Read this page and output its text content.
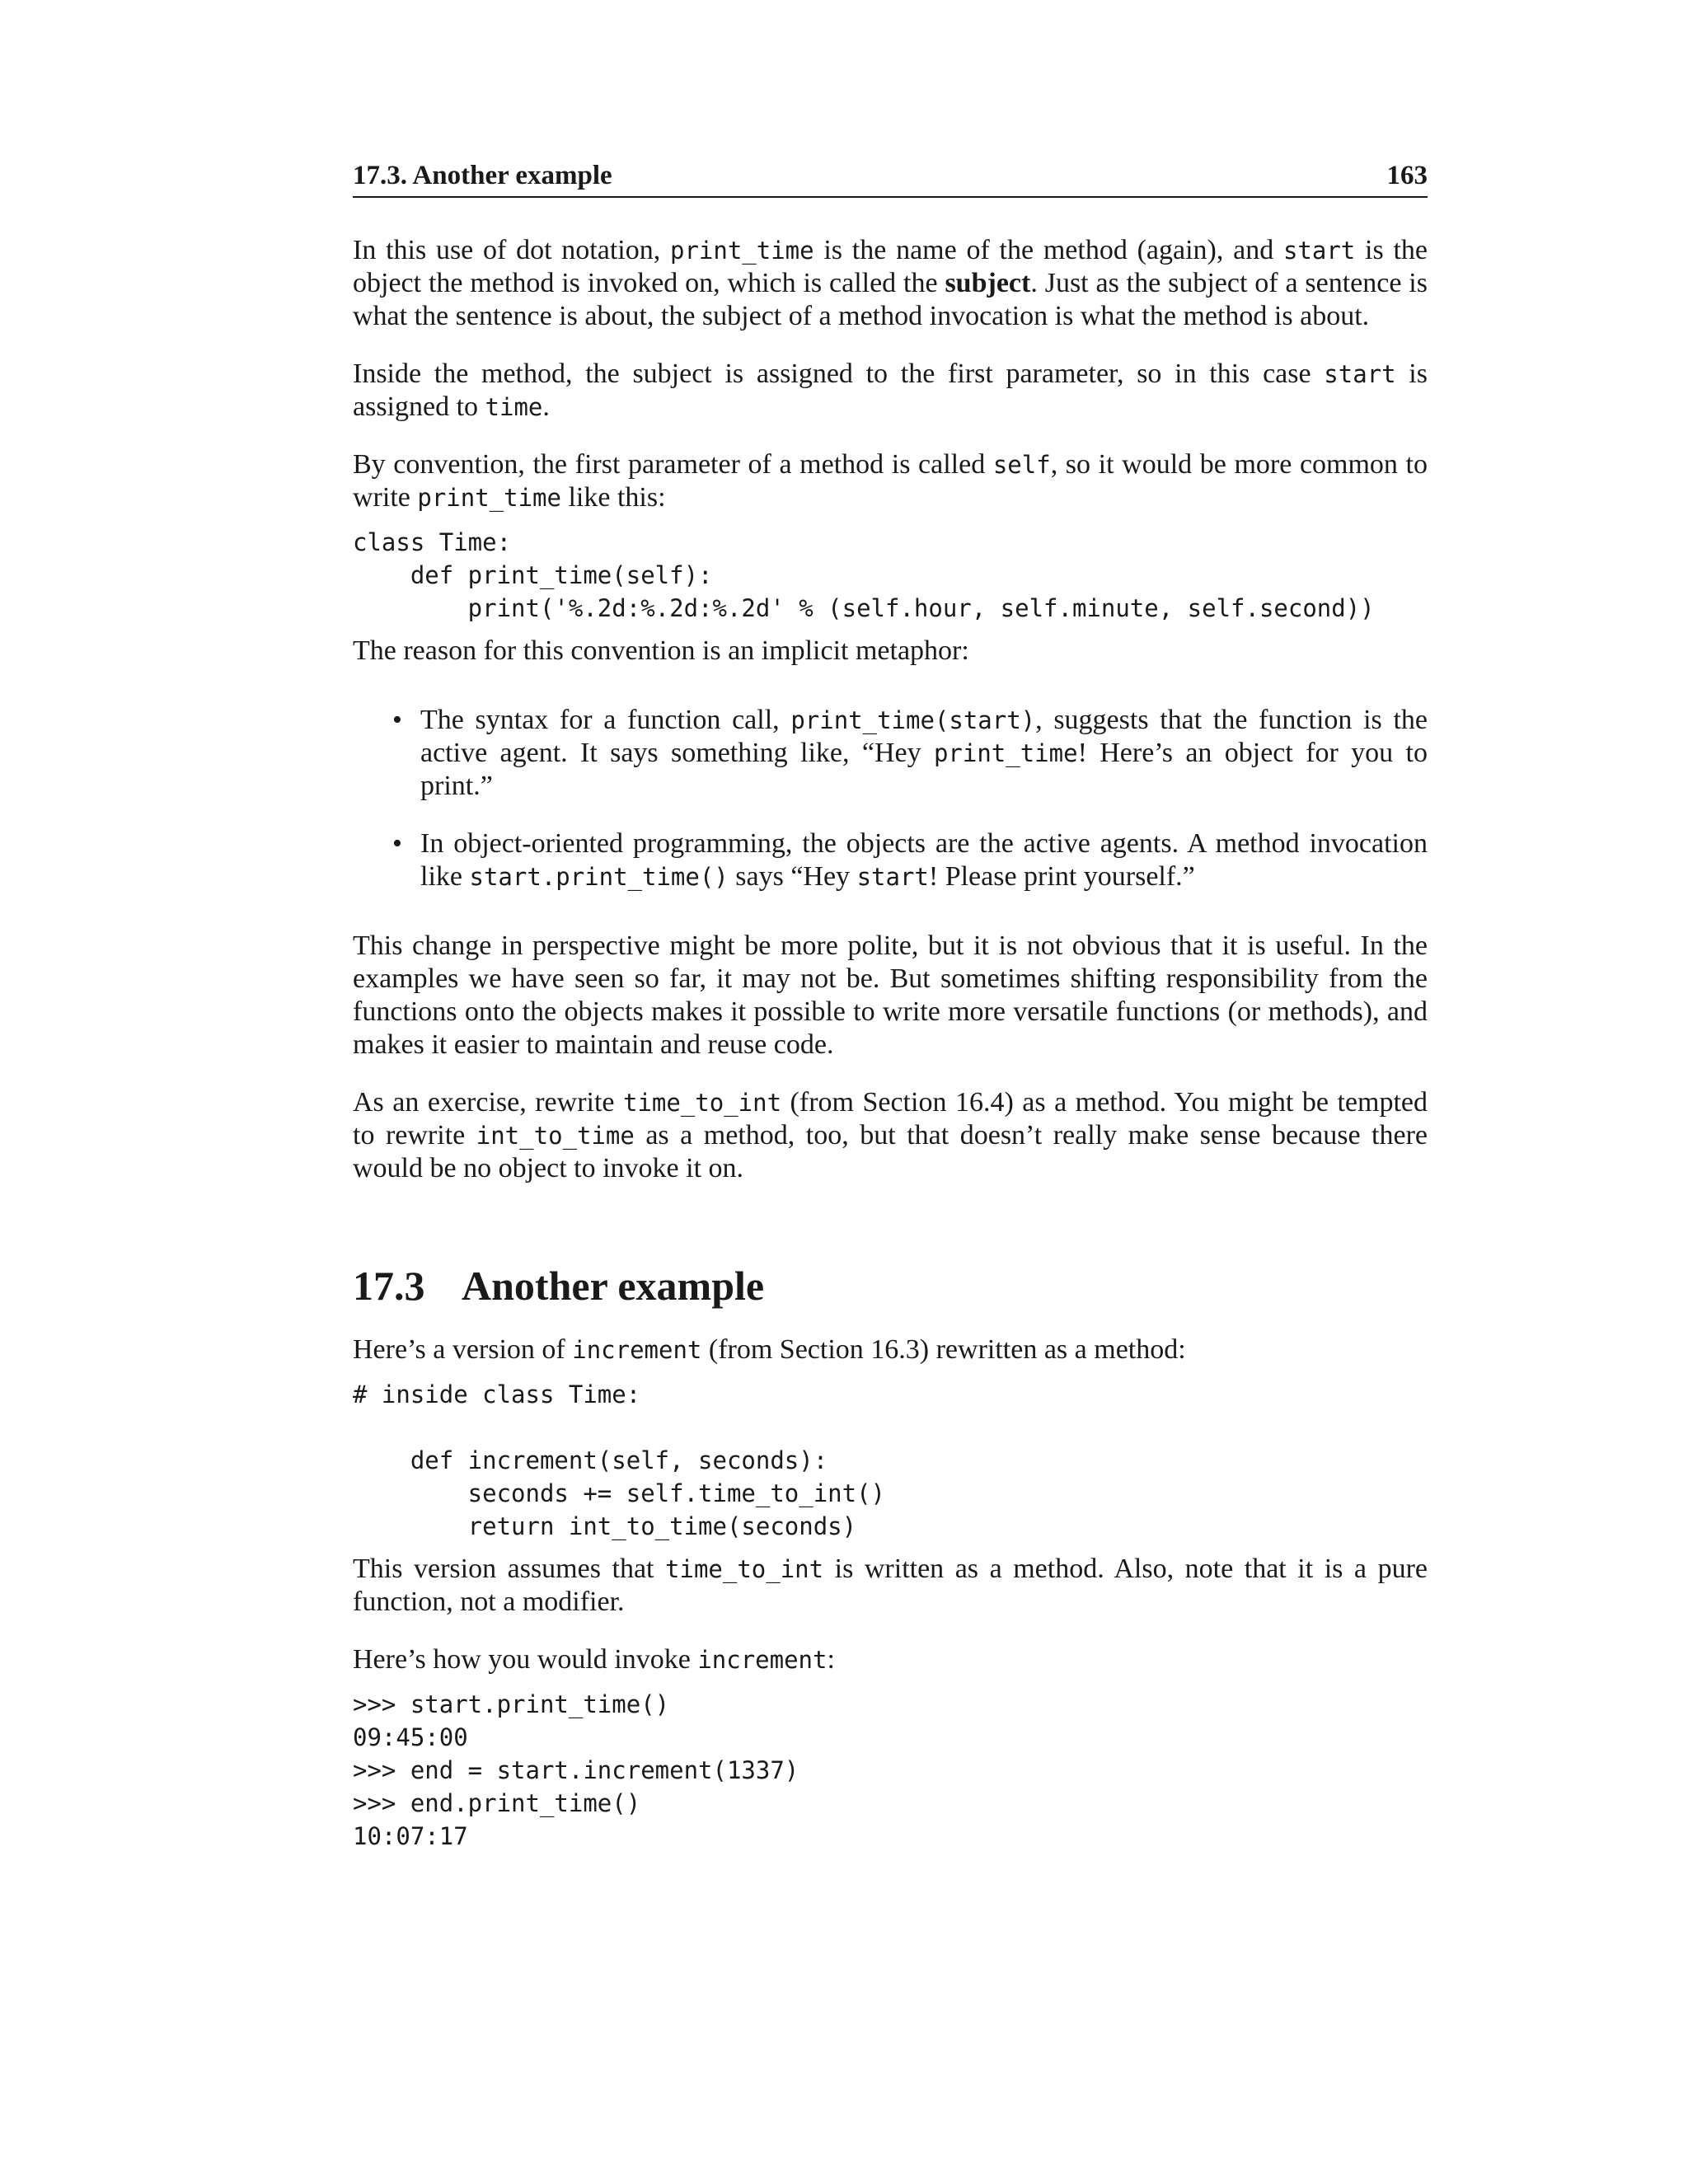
17.3. Another example	163

In this use of dot notation, print_time is the name of the method (again), and start is the object the method is invoked on, which is called the subject. Just as the subject of a sentence is what the sentence is about, the subject of a method invocation is what the method is about.

Inside the method, the subject is assigned to the first parameter, so in this case start is assigned to time.

By convention, the first parameter of a method is called self, so it would be more common to write print_time like this:

class Time:
def print_time(self):
print('%.2d:%.2d:%.2d' % (self.hour, self.minute, self.second))

The reason for this convention is an implicit metaphor:

• The syntax for a function call, print_time(start), suggests that the function is the active agent. It says something like, “Hey print_time! Here’s an object for you to print.”
• In object-oriented programming, the objects are the active agents. A method invocation like start.print_time() says “Hey start! Please print yourself.”

This change in perspective might be more polite, but it is not obvious that it is useful. In the examples we have seen so far, it may not be. But sometimes shifting responsibility from the functions onto the objects makes it possible to write more versatile functions (or methods), and makes it easier to maintain and reuse code.

As an exercise, rewrite time_to_int (from Section 16.4) as a method. You might be tempted to rewrite int_to_time as a method, too, but that doesn’t really make sense because there would be no object to invoke it on.

17.3 Another example

Here’s a version of increment (from Section 16.3) rewritten as a method:

# inside class Time:

def increment(self, seconds):
seconds += self.time_to_int()
return int_to_time(seconds)

This version assumes that time_to_int is written as a method. Also, note that it is a pure function, not a modifier.

Here’s how you would invoke increment:

>>> start.print_time()
09:45:00
>>> end = start.increment(1337)
>>> end.print_time()
10:07:17
